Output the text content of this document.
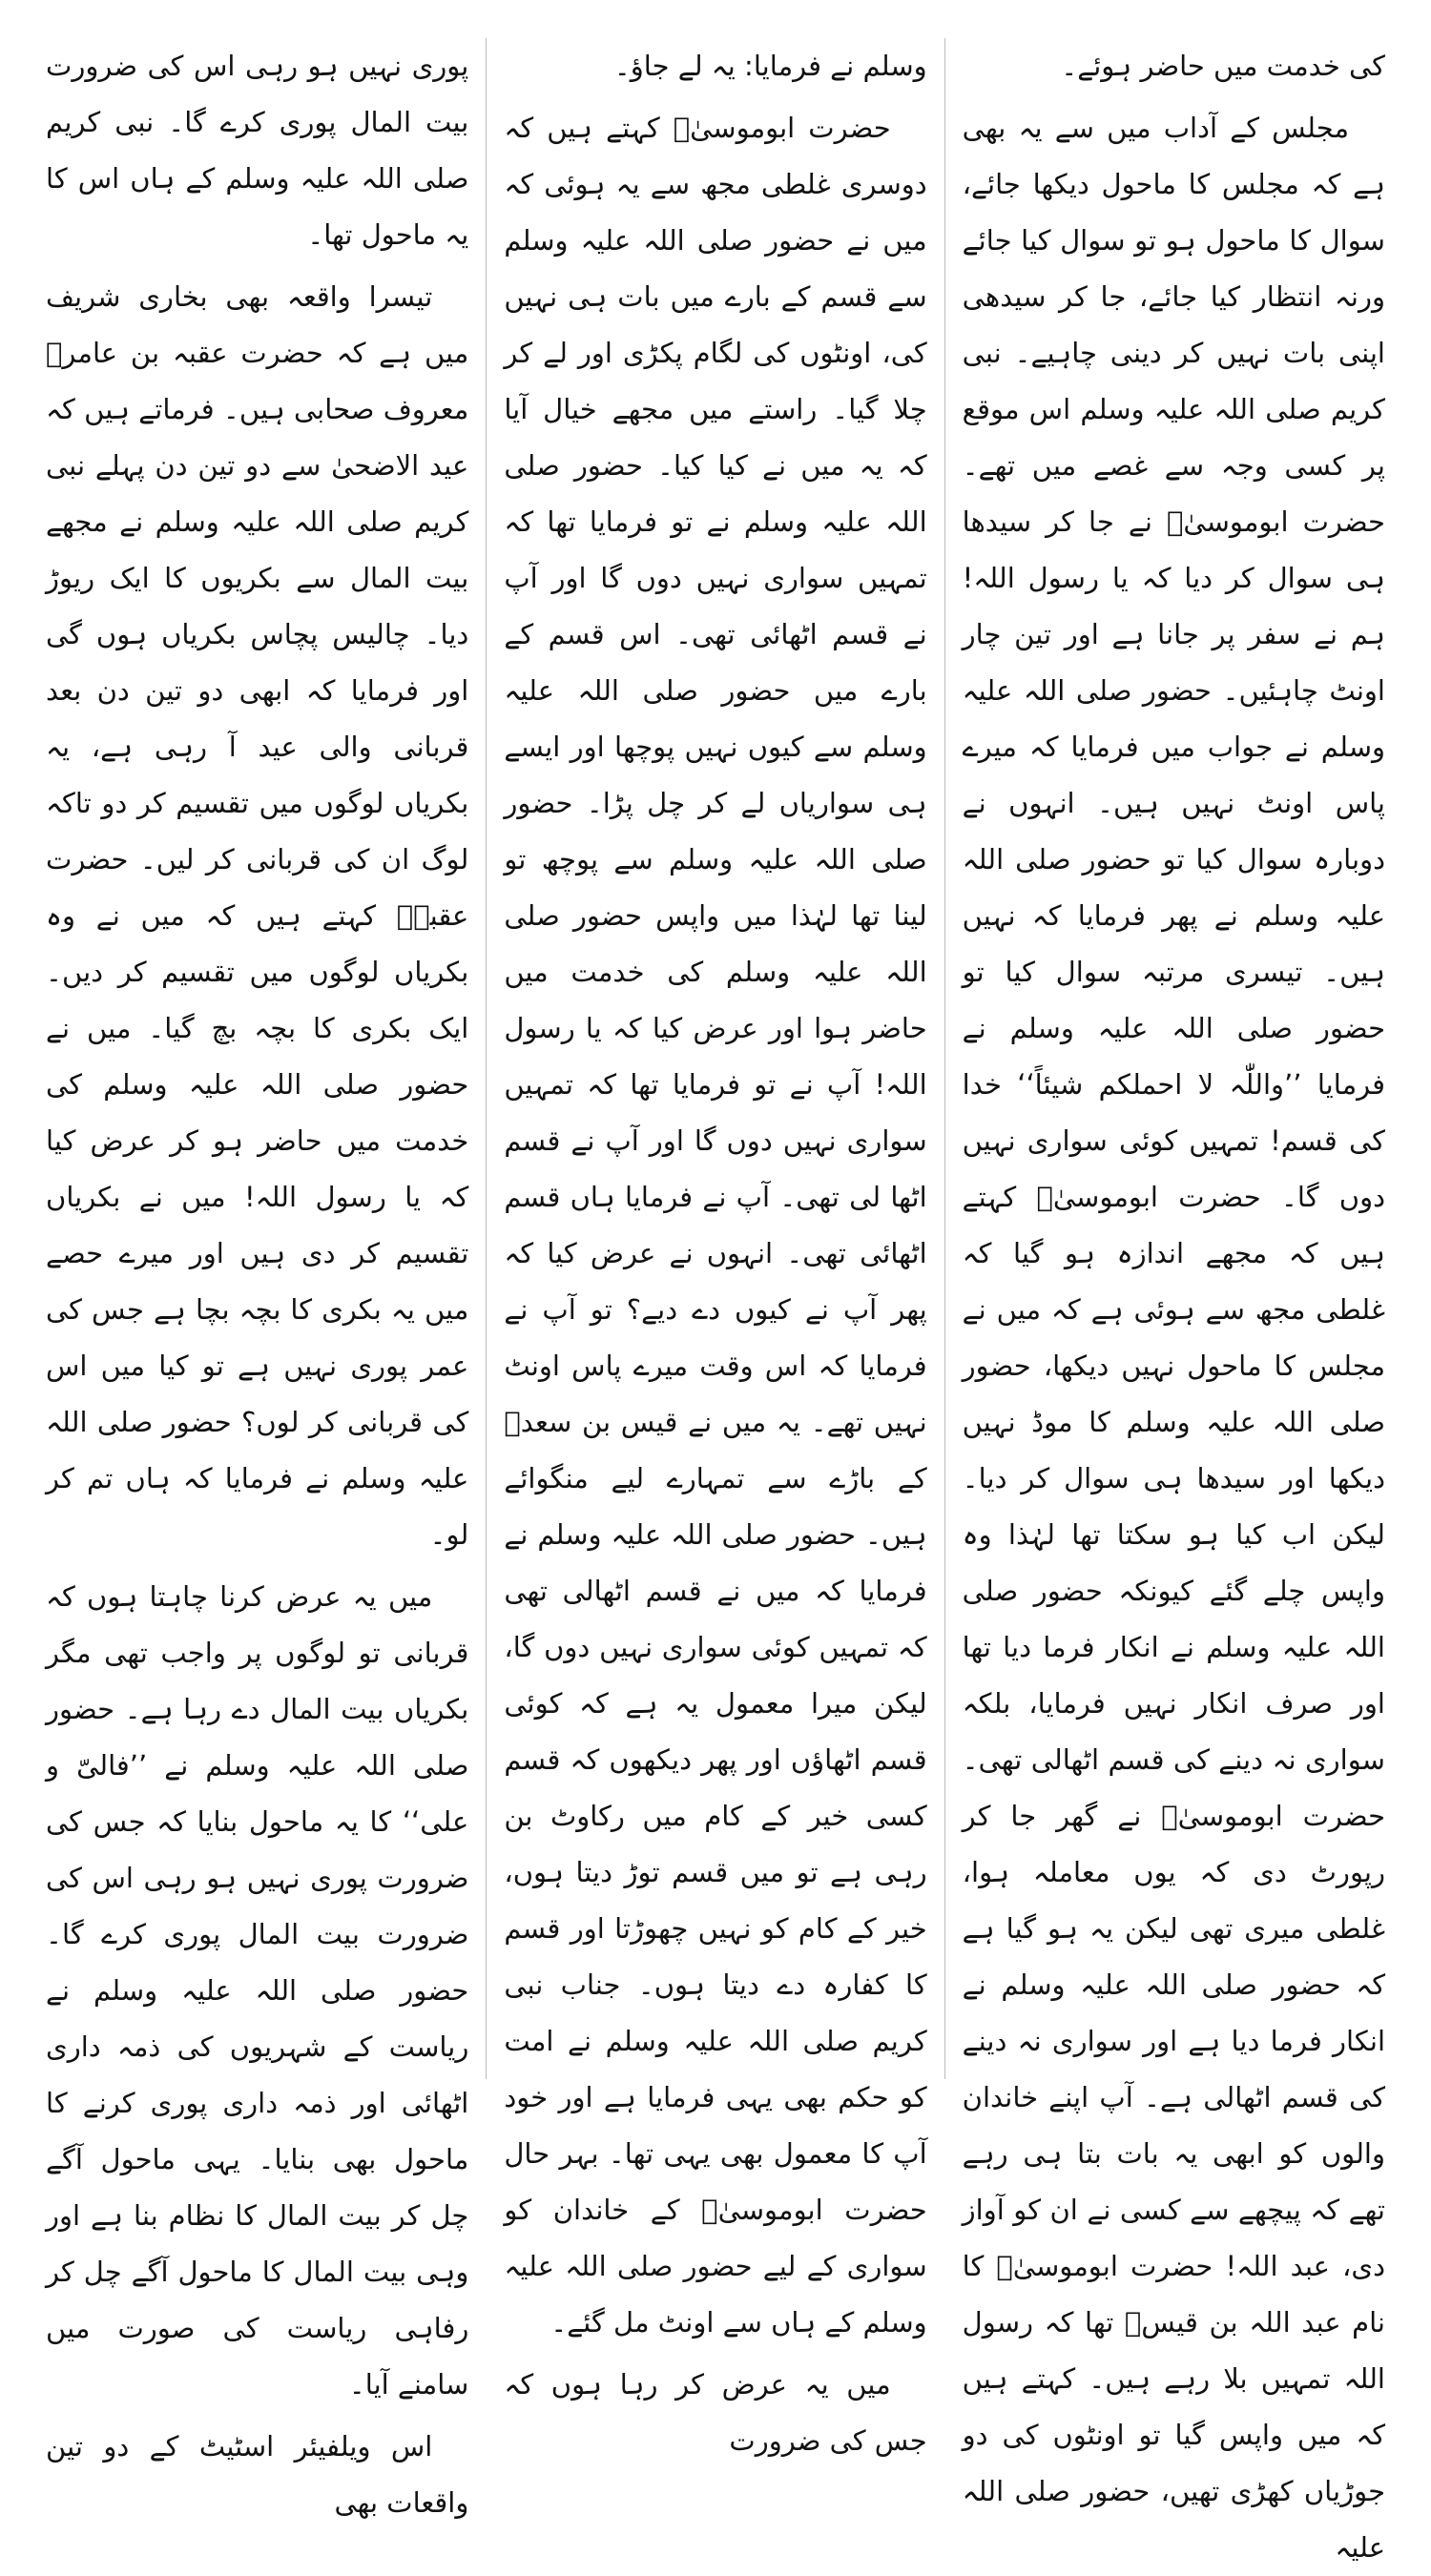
کی خدمت میں حاضر ہوئے۔

مجلس کے آداب میں سے یہ بھی ہے کہ مجلس کا ماحول دیکھا جائے، سوال کا ماحول ہو تو سوال کیا جائے ورنہ انتظار کیا جائے، جا کر سیدھی اپنی بات نہیں کر دینی چاہیے۔ نبی کریم صلی اللہ علیہ وسلم اس موقع پر کسی وجہ سے غصے میں تھے۔ حضرت ابوموسیٰؓ نے جا کر سیدھا ہی سوال کر دیا کہ یا رسول اللہ! ہم نے سفر پر جانا ہے اور تین چار اونٹ چاہئیں۔ حضور صلی اللہ علیہ وسلم نے جواب میں فرمایا کہ میرے پاس اونٹ نہیں ہیں۔ انہوں نے دوبارہ سوال کیا تو حضور صلی اللہ علیہ وسلم نے پھر فرمایا کہ نہیں ہیں۔ تیسری مرتبہ سوال کیا تو حضور صلی اللہ علیہ وسلم نے فرمایا ’’واللّٰہ لا احملکم شیئاً‘‘ خدا کی قسم! تمہیں کوئی سواری نہیں دوں گا۔ حضرت ابوموسیٰؓ کہتے ہیں کہ مجھے اندازہ ہو گیا کہ غلطی مجھ سے ہوئی ہے کہ میں نے مجلس کا ماحول نہیں دیکھا، حضور صلی اللہ علیہ وسلم کا موڈ نہیں دیکھا اور سیدھا ہی سوال کر دیا۔ لیکن اب کیا ہو سکتا تھا لہٰذا وہ واپس چلے گئے کیونکہ حضور صلی اللہ علیہ وسلم نے انکار فرما دیا تھا اور صرف انکار نہیں فرمایا، بلکہ سواری نہ دینے کی قسم اٹھالی تھی۔ حضرت ابوموسیٰؓ نے گھر جا کر رپورٹ دی کہ یوں معاملہ ہوا، غلطی میری تھی لیکن یہ ہو گیا ہے کہ حضور صلی اللہ علیہ وسلم نے انکار فرما دیا ہے اور سواری نہ دینے کی قسم اٹھالی ہے۔ آپ اپنے خاندان والوں کو ابھی یہ بات بتا ہی رہے تھے کہ پیچھے سے کسی نے ان کو آواز دی، عبد اللہ! حضرت ابوموسیٰؓ کا نام عبد اللہ بن قیسؓ تھا کہ رسول اللہ تمہیں بلا رہے ہیں۔ کہتے ہیں کہ میں واپس گیا تو اونٹوں کی دو جوڑیاں کھڑی تھیں، حضور صلی اللہ علیہ

وسلم نے فرمایا: یہ لے جاؤ۔

حضرت ابوموسیٰؓ کہتے ہیں کہ دوسری غلطی مجھ سے یہ ہوئی کہ میں نے حضور صلی اللہ علیہ وسلم سے قسم کے بارے میں بات ہی نہیں کی، اونٹوں کی لگام پکڑی اور لے کر چلا گیا۔ راستے میں مجھے خیال آیا کہ یہ میں نے کیا کیا۔ حضور صلی اللہ علیہ وسلم نے تو فرمایا تھا کہ تمہیں سواری نہیں دوں گا اور آپ نے قسم اٹھائی تھی۔ اس قسم کے بارے میں حضور صلی اللہ علیہ وسلم سے کیوں نہیں پوچھا اور ایسے ہی سواریاں لے کر چل پڑا۔ حضور صلی اللہ علیہ وسلم سے پوچھ تو لینا تھا لہٰذا میں واپس حضور صلی اللہ علیہ وسلم کی خدمت میں حاضر ہوا اور عرض کیا کہ یا رسول اللہ! آپ نے تو فرمایا تھا کہ تمہیں سواری نہیں دوں گا اور آپ نے قسم اٹھا لی تھی۔ آپ نے فرمایا ہاں قسم اٹھائی تھی۔ انہوں نے عرض کیا کہ پھر آپ نے کیوں دے دیے؟ تو آپ نے فرمایا کہ اس وقت میرے پاس اونٹ نہیں تھے۔ یہ میں نے قیس بن سعدؓ کے باڑے سے تمہارے لیے منگوائے ہیں۔ حضور صلی اللہ علیہ وسلم نے فرمایا کہ میں نے قسم اٹھالی تھی کہ تمہیں کوئی سواری نہیں دوں گا، لیکن میرا معمول یہ ہے کہ کوئی قسم اٹھاؤں اور پھر دیکھوں کہ قسم کسی خیر کے کام میں رکاوٹ بن رہی ہے تو میں قسم توڑ دیتا ہوں، خیر کے کام کو نہیں چھوڑتا اور قسم کا کفارہ دے دیتا ہوں۔ جناب نبی کریم صلی اللہ علیہ وسلم نے امت کو حکم بھی یہی فرمایا ہے اور خود آپ کا معمول بھی یہی تھا۔ بہر حال حضرت ابوموسیٰؓ کے خاندان کو سواری کے لیے حضور صلی اللہ علیہ وسلم کے ہاں سے اونٹ مل گئے۔

میں یہ عرض کر رہا ہوں کہ جس کی ضرورت

پوری نہیں ہو رہی اس کی ضرورت بیت المال پوری کرے گا۔ نبی کریم صلی اللہ علیہ وسلم کے ہاں اس کا یہ ماحول تھا۔

تیسرا واقعہ بھی بخاری شریف میں ہے کہ حضرت عقبہ بن عامرؓ معروف صحابی ہیں۔ فرماتے ہیں کہ عید الاضحیٰ سے دو تین دن پہلے نبی کریم صلی اللہ علیہ وسلم نے مجھے بیت المال سے بکریوں کا ایک ریوڑ دیا۔ چالیس پچاس بکریاں ہوں گی اور فرمایا کہ ابھی دو تین دن بعد قربانی والی عید آ رہی ہے، یہ بکریاں لوگوں میں تقسیم کر دو تاکہ لوگ ان کی قربانی کر لیں۔ حضرت عقبہؓ کہتے ہیں کہ میں نے وہ بکریاں لوگوں میں تقسیم کر دیں۔ ایک بکری کا بچہ بچ گیا۔ میں نے حضور صلی اللہ علیہ وسلم کی خدمت میں حاضر ہو کر عرض کیا کہ یا رسول اللہ! میں نے بکریاں تقسیم کر دی ہیں اور میرے حصے میں یہ بکری کا بچہ بچا ہے جس کی عمر پوری نہیں ہے تو کیا میں اس کی قربانی کر لوں؟ حضور صلی اللہ علیہ وسلم نے فرمایا کہ ہاں تم کر لو۔

میں یہ عرض کرنا چاہتا ہوں کہ قربانی تو لوگوں پر واجب تھی مگر بکریاں بیت المال دے رہا ہے۔ حضور صلی اللہ علیہ وسلم نے ’’فالیّ و علی‘‘ کا یہ ماحول بنایا کہ جس کی ضرورت پوری نہیں ہو رہی اس کی ضرورت بیت المال پوری کرے گا۔ حضور صلی اللہ علیہ وسلم نے ریاست کے شہریوں کی ذمہ داری اٹھائی اور ذمہ داری پوری کرنے کا ماحول بھی بنایا۔ یہی ماحول آگے چل کر بیت المال کا نظام بنا ہے اور وہی بیت المال کا ماحول آگے چل کر رفاہی ریاست کی صورت میں سامنے آیا۔

اس ویلفیئر اسٹیٹ کے دو تین واقعات بھی
